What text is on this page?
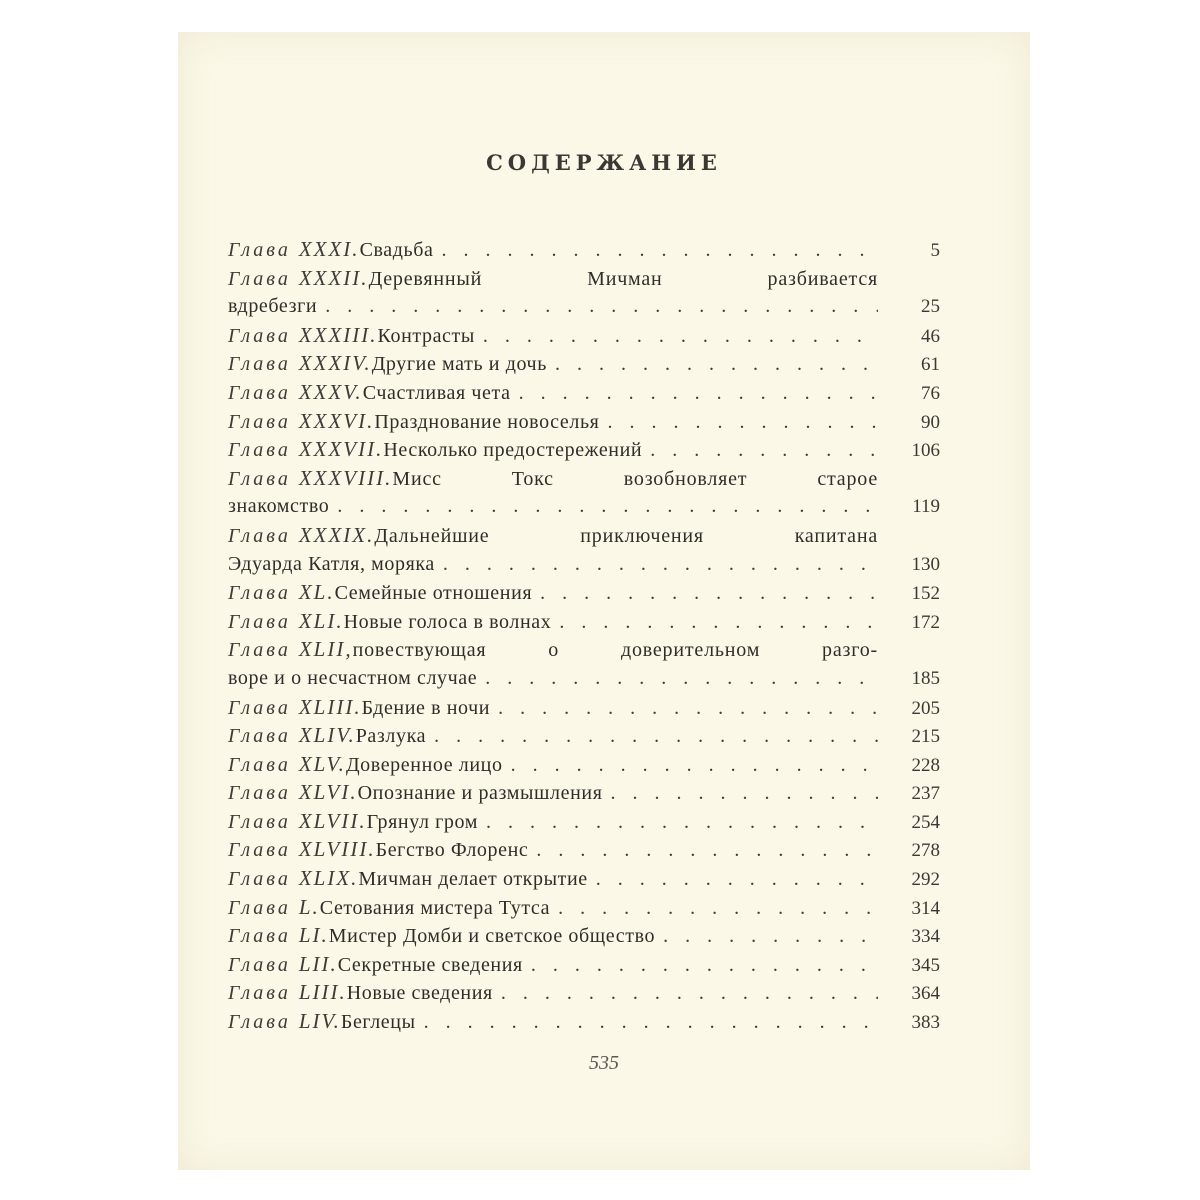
СОДЕРЖАНИЕ
Глава XXXI. Свадьба . . .	5
Глава XXXII. Деревянный Мичман разбивается
вдребезги . . .	25
Глава XXXIII. Контрасты . . .	46
Глава XXXIV. Другие мать и дочь . . .	61
Глава XXXV. Счастливая чета . . .	76
Глава XXXVI. Празднование новоселья . . .	90
Глава XXXVII. Несколько предостережений . . .	106
Глава XXXVIII. Мисс Токс возобновляет старое
знакомство . . .	119
Глава XXXIX. Дальнейшие приключения капитана
Эдуарда Катля, моряка . . .	130
Глава XL. Семейные отношения . . .	152
Глава XLI. Новые голоса в волнах . . .	172
Глава XLII, повествующая о доверительном разго-
воре и о несчастном случае . . .	185
Глава XLIII. Бдение в ночи . . .	205
Глава XLIV. Разлука . . .	215
Глава XLV. Доверенное лицо . . .	228
Глава XLVI. Опознание и размышления . . .	237
Глава XLVII. Грянул гром . . .	254
Глава XLVIII. Бегство Флоренс . . .	278
Глава XLIX. Мичман делает открытие . . .	292
Глава L. Сетования мистера Тутса . . .	314
Глава LI. Мистер Домби и светское общество . . .	334
Глава LII. Секретные сведения . . .	345
Глава LIII. Новые сведения . . .	364
Глава LIV. Беглецы . . .	383
535
